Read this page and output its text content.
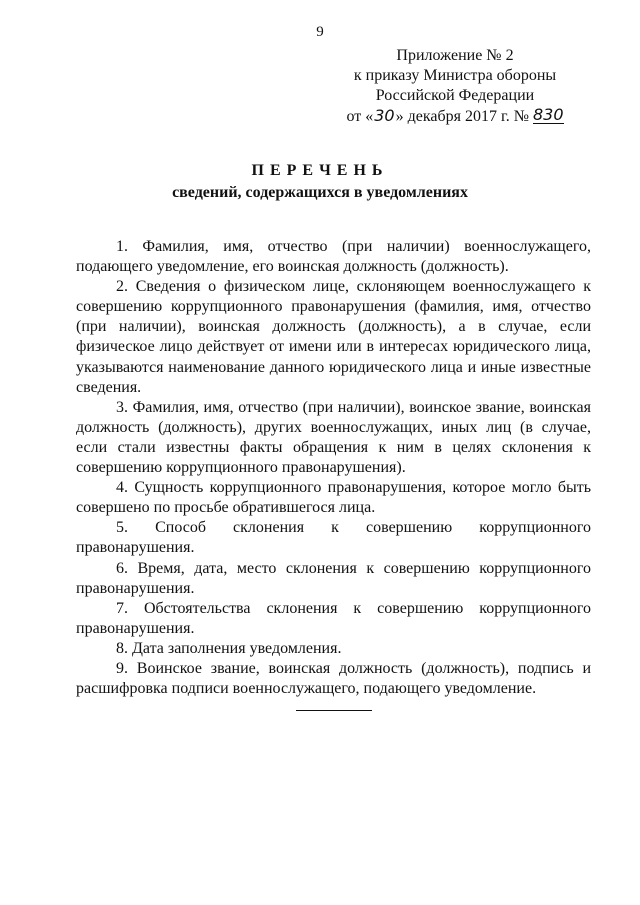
9
Приложение № 2
к приказу Министра обороны
Российской Федерации
от «30» декабря 2017 г. № 830
ПЕРЕЧЕНЬ
сведений, содержащихся в уведомлениях

1. Фамилия, имя, отчество (при наличии) военнослужащего, подающего уведомление, его воинская должность (должность).

2. Сведения о физическом лице, склоняющем военнослужащего к совершению коррупционного правонарушения (фамилия, имя, отчество (при наличии), воинская должность (должность), а в случае, если физическое лицо действует от имени или в интересах юридического лица, указываются наименование данного юридического лица и иные известные сведения.

3. Фамилия, имя, отчество (при наличии), воинское звание, воинская должность (должность), других военнослужащих, иных лиц (в случае, если стали известны факты обращения к ним в целях склонения к совершению коррупционного правонарушения).

4. Сущность коррупционного правонарушения, которое могло быть совершено по просьбе обратившегося лица.

5. Способ склонения к совершению коррупционного правонарушения.

6. Время, дата, место склонения к совершению коррупционного правонарушения.

7. Обстоятельства склонения к совершению коррупционного правонарушения.

8. Дата заполнения уведомления.

9. Воинское звание, воинская должность (должность), подпись и расшифровка подписи военнослужащего, подающего уведомление.
